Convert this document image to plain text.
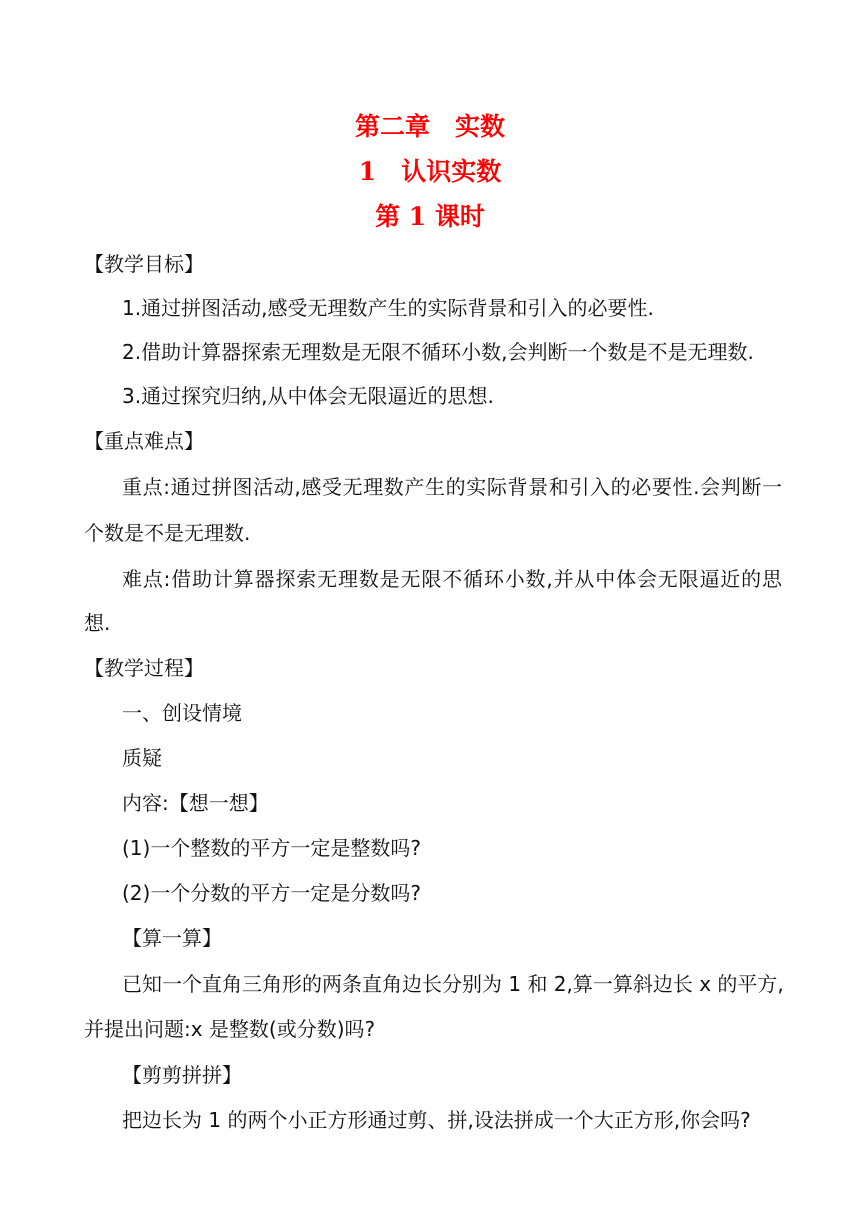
第二章　实数
1　认识实数
第 1 课时
【教学目标】
1.通过拼图活动,感受无理数产生的实际背景和引入的必要性.
2.借助计算器探索无理数是无限不循环小数,会判断一个数是不是无理数.
3.通过探究归纳,从中体会无限逼近的思想.
【重点难点】
重点:通过拼图活动,感受无理数产生的实际背景和引入的必要性.会判断一
个数是不是无理数.
难点:借助计算器探索无理数是无限不循环小数,并从中体会无限逼近的思
想.
【教学过程】
一、创设情境
质疑
内容:【想一想】
(1)一个整数的平方一定是整数吗?
(2)一个分数的平方一定是分数吗?
【算一算】
已知一个直角三角形的两条直角边长分别为 1 和 2,算一算斜边长 x 的平方,
并提出问题:x 是整数(或分数)吗?
【剪剪拼拼】
把边长为 1 的两个小正方形通过剪、拼,设法拼成一个大正方形,你会吗?
